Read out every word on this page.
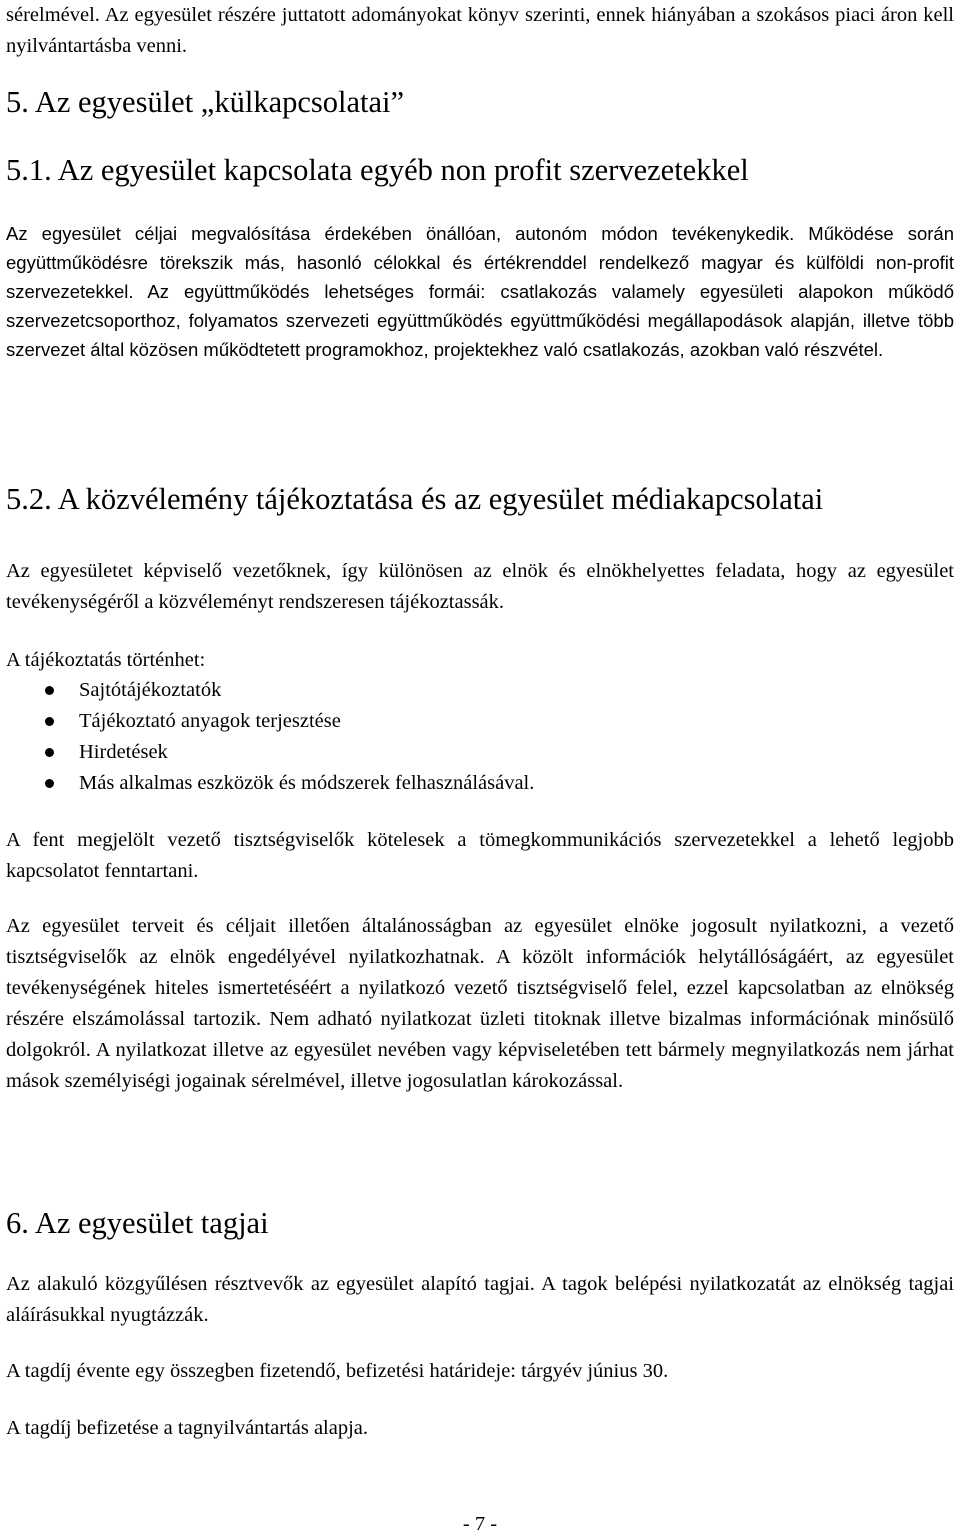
sérelmével. Az egyesület részére juttatott adományokat könyv szerinti, ennek hiányában a szokásos piaci áron kell nyilvántartásba venni.

5. Az egyesület „külkapcsolatai”
5.1. Az egyesület kapcsolata egyéb non profit szervezetekkel

Az egyesület céljai megvalósítása érdekében önállóan, autonóm módon tevékenykedik. Működése során együttműködésre törekszik más, hasonló célokkal és értékrenddel rendelkező magyar és külföldi non-profit szervezetekkel. Az együttműködés lehetséges formái: csatlakozás valamely egyesületi alapokon működő szervezetcsoporthoz, folyamatos szervezeti együttműködés együttműködési megállapodások alapján, illetve több szervezet által közösen működtetett programokhoz, projektekhez való csatlakozás, azokban való részvétel.

5.2. A közvélemény tájékoztatása és az egyesület médiakapcsolatai

Az egyesületet képviselő vezetőknek, így különösen az elnök és elnökhelyettes feladata, hogy az egyesület tevékenységéről a közvéleményt rendszeresen tájékoztassák.

A tájékoztatás történhet:

Sajtótájékoztatók
Tájékoztató anyagok terjesztése
Hirdetések
Más alkalmas eszközök és módszerek felhasználásával.

A fent megjelölt vezető tisztségviselők kötelesek a tömegkommunikációs szervezetekkel a lehető legjobb kapcsolatot fenntartani.

Az egyesület terveit és céljait illetően általánosságban az egyesület elnöke jogosult nyilatkozni, a vezető tisztségviselők az elnök engedélyével nyilatkozhatnak. A közölt információk helytállóságáért, az egyesület tevékenységének hiteles ismertetéséért a nyilatkozó vezető tisztségviselő felel, ezzel kapcsolatban az elnökség részére elszámolással tartozik. Nem adható nyilatkozat üzleti titoknak illetve bizalmas információnak minősülő dolgokról. A nyilatkozat illetve az egyesület nevében vagy képviseletében tett bármely megnyilatkozás nem járhat mások személyiségi jogainak sérelmével, illetve jogosulatlan károkozással.

6. Az egyesület tagjai

Az alakuló közgyűlésen résztvevők az egyesület alapító tagjai. A tagok belépési nyilatkozatát az elnökség tagjai aláírásukkal nyugtázzák.

A tagdíj évente egy összegben fizetendő, befizetési határideje: tárgyév június 30.

A tagdíj befizetése a tagnyilvántartás alapja.

- 7 -
